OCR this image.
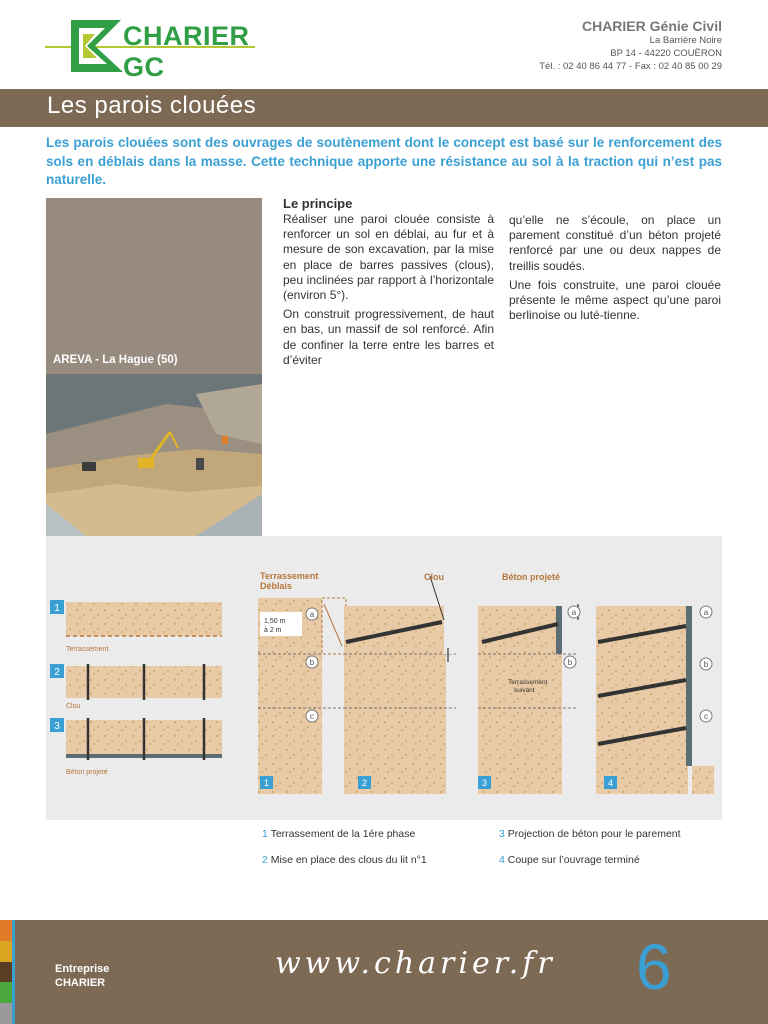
CHARIER GC
CHARIER Génie Civil
La Barrière Noire
BP 14 - 44220 COUËRON
Tél. : 02 40 86 44 77 - Fax : 02 40 85 00 29
Les parois clouées
Les parois clouées sont des ouvrages de soutènement dont le concept est basé sur le renforcement des sols en déblais dans la masse. Cette technique apporte une résistance au sol à la traction qui n’est pas naturelle.
AREVA - La Hague (50)
Le principe

Réaliser une paroi clouée consiste à renforcer un sol en déblai, au fur et à mesure de son excavation, par la mise en place de barres passives (clous), peu inclinées par rapport à l’horizontale (environ 5°).

On construit progressivement, de haut en bas, un massif de sol renforcé. Afin de confiner la terre entre les barres et d’éviter

qu’elle ne s’écoule, on place un parement constitué d’un béton projeté renforcé par une ou deux nappes de treillis soudés.

Une fois construite, une paroi clouée présente le même aspect qu’une paroi berlinoise ou luté-tienne.

1
2
3
Terrassement
Clou
Béton projeté
Terrassement
Déblais
1,50 m
à 2 m
Clou	Béton projeté
Terrassement
suivant
a
b
c
a
b
a
b
c
1	2	3	4
1 Terrassement de la 1ére phase
2 Mise en place des clous du lit n°1
3 Projection de béton pour le parement
4 Coupe sur l’ouvrage terminé
Entreprise
CHARIER
www.charier.fr 6
